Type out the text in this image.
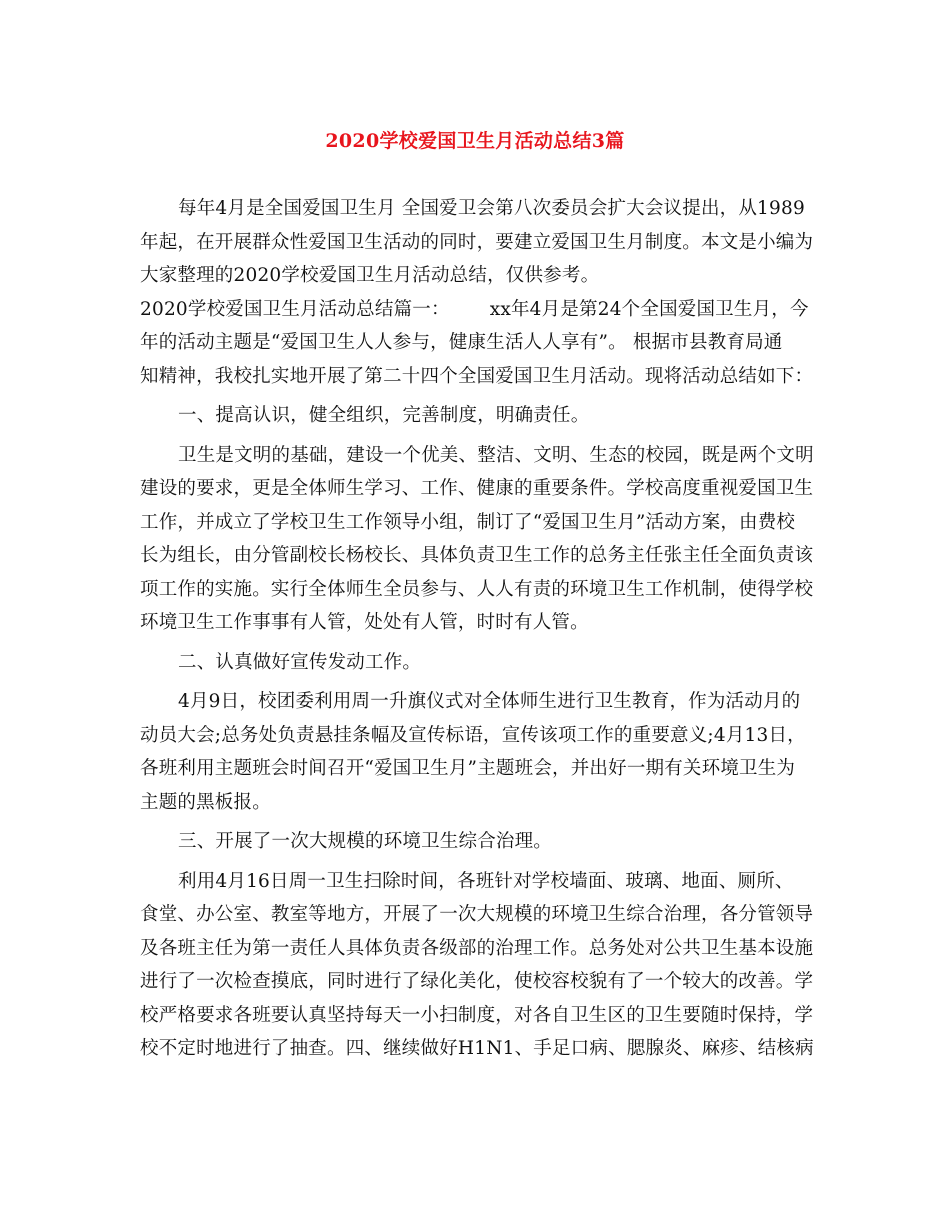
2020学校爱国卫生月活动总结3篇

每年4月是全国爱国卫生月 全国爱卫会第八次委员会扩大会议提出，从1989
年起，在开展群众性爱国卫生活动的同时，要建立爱国卫生月制度。本文是小编为
大家整理的2020学校爱国卫生月活动总结，仅供参考。

2020学校爱国卫生月活动总结篇一： xx年4月是第24个全国爱国卫生月，今
年的活动主题是“爱国卫生人人参与，健康生活人人享有”。 根据市县教育局通
知精神，我校扎实地开展了第二十四个全国爱国卫生月活动。现将活动总结如下：

一、提高认识，健全组织，完善制度，明确责任。

卫生是文明的基础，建设一个优美、整洁、文明、生态的校园，既是两个文明
建设的要求，更是全体师生学习、工作、健康的重要条件。学校高度重视爱国卫生
工作，并成立了学校卫生工作领导小组，制订了“爱国卫生月”活动方案，由费校
长为组长，由分管副校长杨校长、具体负责卫生工作的总务主任张主任全面负责该
项工作的实施。实行全体师生全员参与、人人有责的环境卫生工作机制，使得学校
环境卫生工作事事有人管，处处有人管，时时有人管。

二、认真做好宣传发动工作。

4月9日，校团委利用周一升旗仪式对全体师生进行卫生教育，作为活动月的
动员大会;总务处负责悬挂条幅及宣传标语，宣传该项工作的重要意义;4月13日，
各班利用主题班会时间召开“爱国卫生月”主题班会，并出好一期有关环境卫生为
主题的黑板报。

三、开展了一次大规模的环境卫生综合治理。

利用4月16日周一卫生扫除时间，各班针对学校墙面、玻璃、地面、厕所、
食堂、办公室、教室等地方，开展了一次大规模的环境卫生综合治理，各分管领导
及各班主任为第一责任人具体负责各级部的治理工作。总务处对公共卫生基本设施
进行了一次检查摸底，同时进行了绿化美化，使校容校貌有了一个较大的改善。学
校严格要求各班要认真坚持每天一小扫制度，对各自卫生区的卫生要随时保持，学
校不定时地进行了抽查。四、继续做好H1N1、手足口病、腮腺炎、麻疹、结核病
